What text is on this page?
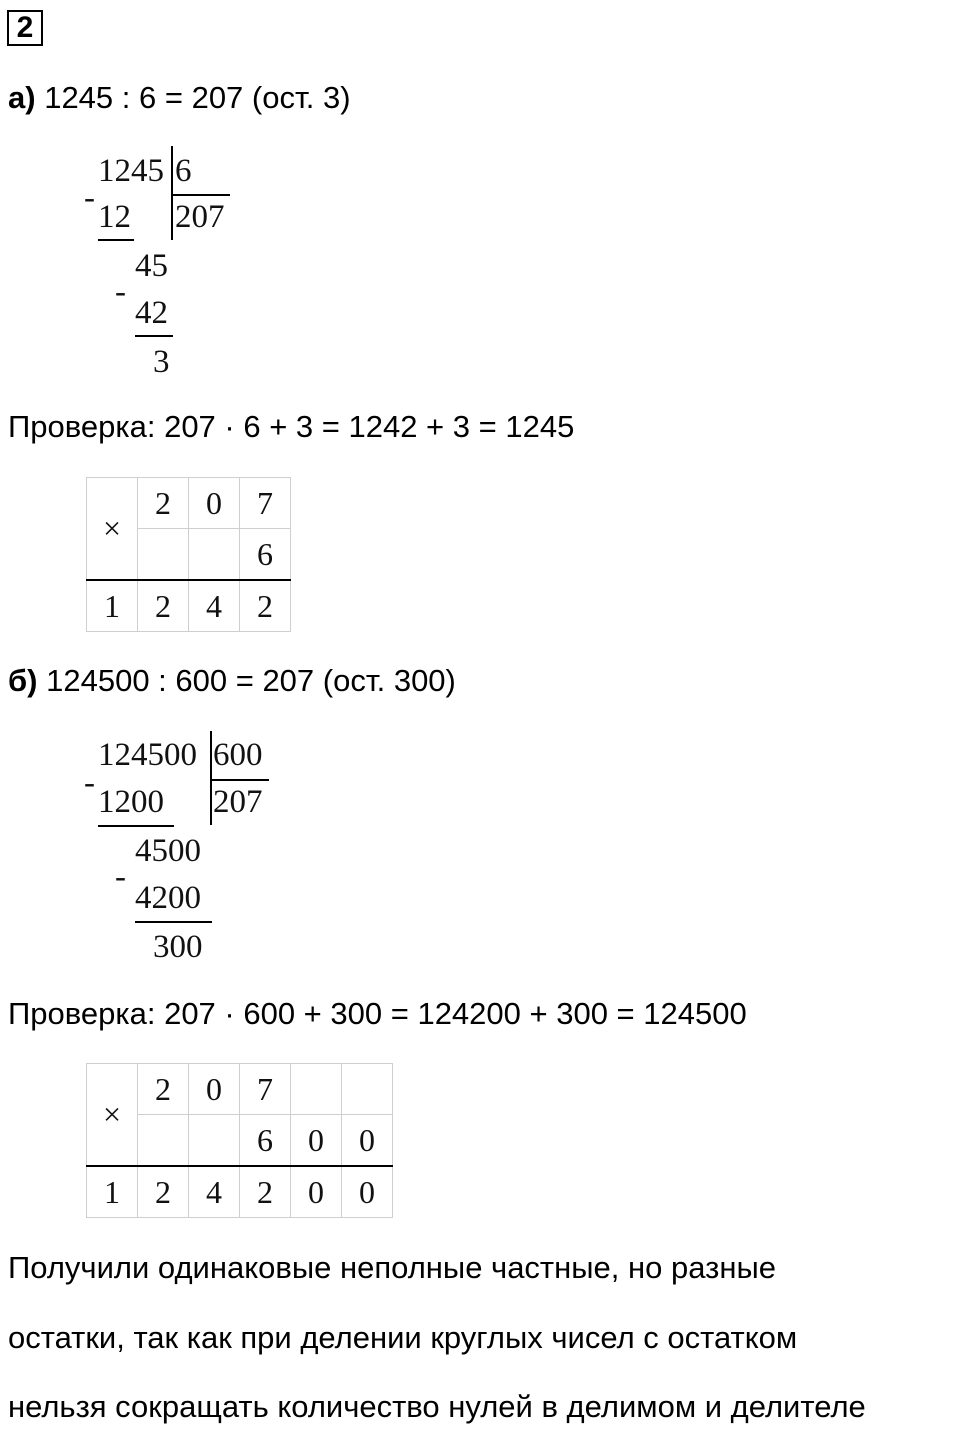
2
а) 1245 : 6 = 207 (ост. 3)
1245 6
-
12 207
45
-
42
3
Проверка: 207 · 6 + 3 = 1242 + 3 = 1245
×	2	0	7
			6
1	2	4	2
б) 124500 : 600 = 207 (ост. 300)
124500 600
-
1200 207
4500
-
4200
300
Проверка: 207 · 600 + 300 = 124200 + 300 = 124500
×	2	0	7		
			6	0	0
1	2	4	2	0	0
Получили одинаковые неполные частные, но разные
остатки, так как при делении круглых чисел с остатком
нельзя сокращать количество нулей в делимом и делителе
